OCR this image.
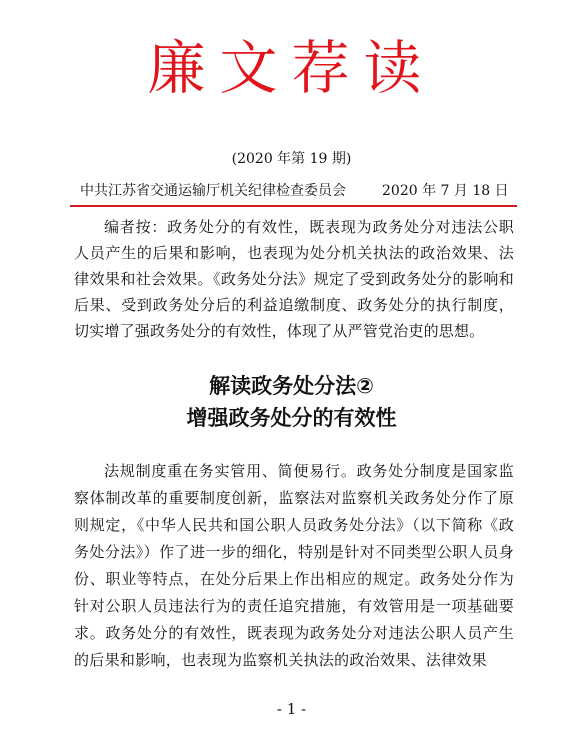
廉文荐读
(2020 年第 19 期)
中共江苏省交通运输厅机关纪律检查委员会	2020 年 7 月 18 日
编者按：政务处分的有效性，既表现为政务处分对违法公职人员产生的后果和影响，也表现为处分机关执法的政治效果、法律效果和社会效果。《政务处分法》规定了受到政务处分的影响和后果、受到政务处分后的利益追缴制度、政务处分的执行制度，切实增了强政务处分的有效性，体现了从严管党治吏的思想。
解读政务处分法②
增强政务处分的有效性
法规制度重在务实管用、简便易行。政务处分制度是国家监察体制改革的重要制度创新，监察法对监察机关政务处分作了原则规定，《中华人民共和国公职人员政务处分法》（以下简称《政务处分法》）作了进一步的细化，特别是针对不同类型公职人员身份、职业等特点，在处分后果上作出相应的规定。政务处分作为针对公职人员违法行为的责任追究措施，有效管用是一项基础要求。政务处分的有效性，既表现为政务处分对违法公职人员产生的后果和影响，也表现为监察机关执法的政治效果、法律效果
- 1 -
